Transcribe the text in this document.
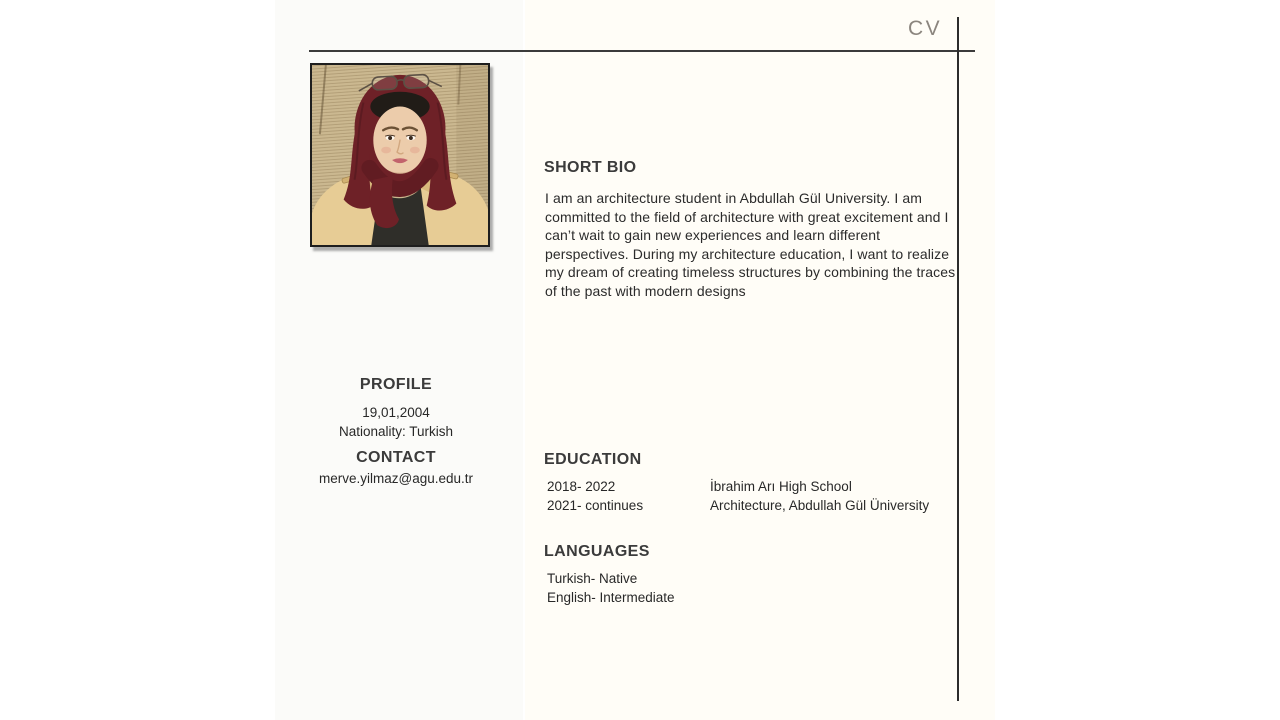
CV
SHORT BIO
I am an architecture student in Abdullah Gül University. I am
committed to the field of architecture with great excitement and I
can’t wait to gain new experiences and learn different
perspectives. During my architecture education, I want to realize
my dream of creating timeless structures by combining the traces
of the past with modern designs
PROFILE
19,01,2004
Nationality: Turkish
CONTACT
merve.yilmaz@agu.edu.tr
EDUCATION
2018- 2022	İbrahim Arı High School
2021- continues	Architecture, Abdullah Gül Üniversity
LANGUAGES
Turkish- Native
English- Intermediate
